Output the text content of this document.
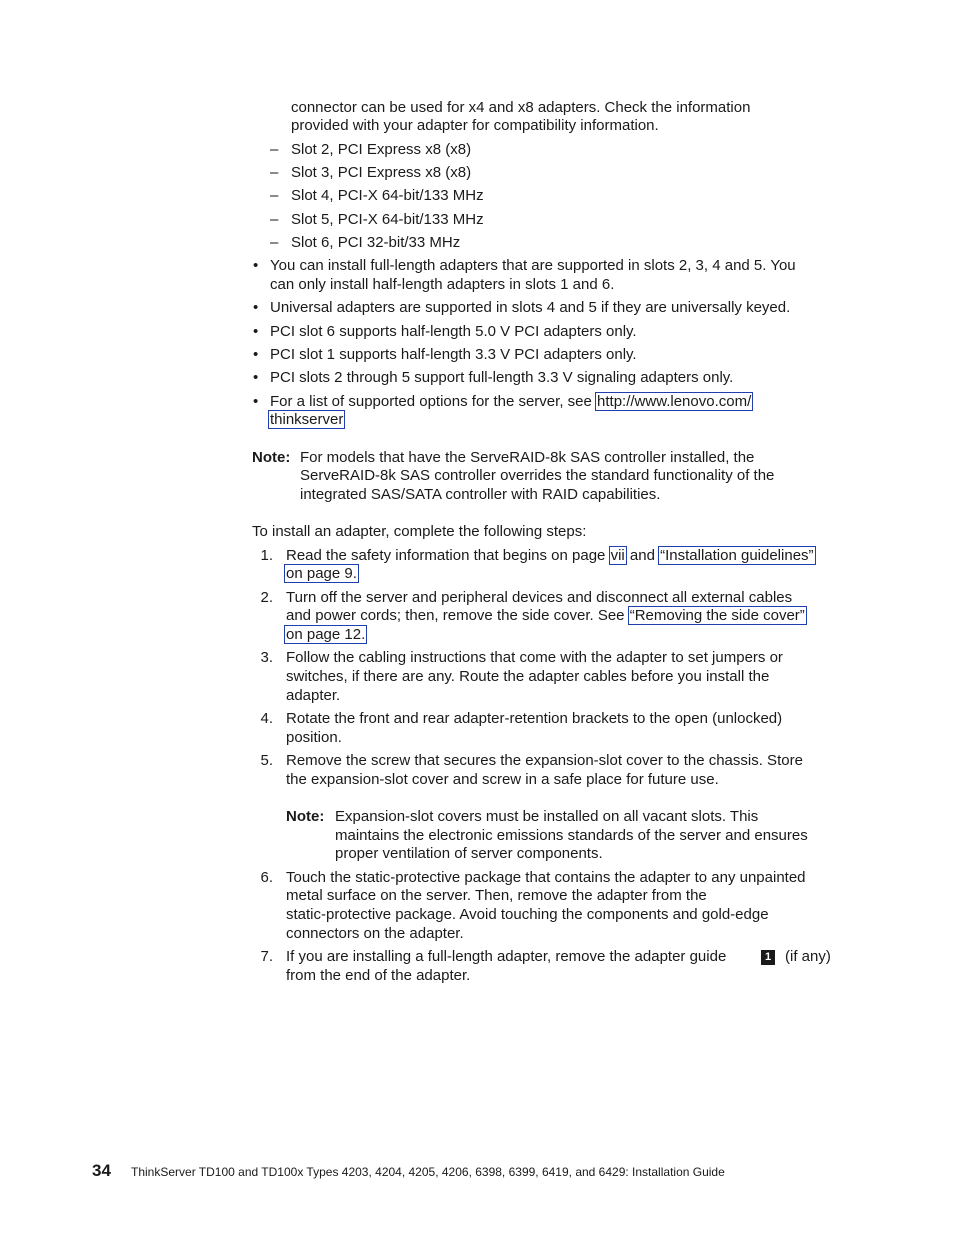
connector can be used for x4 and x8 adapters. Check the information
provided with your adapter for compatibility information.
– Slot 2, PCI Express x8 (x8)
– Slot 3, PCI Express x8 (x8)
– Slot 4, PCI-X 64-bit/133 MHz
– Slot 5, PCI-X 64-bit/133 MHz
– Slot 6, PCI 32-bit/33 MHz
• You can install full-length adapters that are supported in slots 2, 3, 4 and 5. You
can only install half-length adapters in slots 1 and 6.
• Universal adapters are supported in slots 4 and 5 if they are universally keyed.
• PCI slot 6 supports half-length 5.0 V PCI adapters only.
• PCI slot 1 supports half-length 3.3 V PCI adapters only.
• PCI slots 2 through 5 support full-length 3.3 V signaling adapters only.
• For a list of supported options for the server, see http://www.lenovo.com/
thinkserver
Note: For models that have the ServeRAID-8k SAS controller installed, the
ServeRAID-8k SAS controller overrides the standard functionality of the
integrated SAS/SATA controller with RAID capabilities.
To install an adapter, complete the following steps:
1. Read the safety information that begins on page vii and “Installation guidelines”
on page 9.
2. Turn off the server and peripheral devices and disconnect all external cables
and power cords; then, remove the side cover. See “Removing the side cover”
on page 12.
3. Follow the cabling instructions that come with the adapter to set jumpers or
switches, if there are any. Route the adapter cables before you install the
adapter.
4. Rotate the front and rear adapter-retention brackets to the open (unlocked)
position.
5. Remove the screw that secures the expansion-slot cover to the chassis. Store
the expansion-slot cover and screw in a safe place for future use.
Note: Expansion-slot covers must be installed on all vacant slots. This
maintains the electronic emissions standards of the server and ensures
proper ventilation of server components.
6. Touch the static-protective package that contains the adapter to any unpainted
metal surface on the server. Then, remove the adapter from the
static-protective package. Avoid touching the components and gold-edge
connectors on the adapter.
7. If you are installing a full-length adapter, remove the adapter guide	1 (if any)
from the end of the adapter.
34 ThinkServer TD100 and TD100x Types 4203, 4204, 4205, 4206, 6398, 6399, 6419, and 6429: Installation Guide
